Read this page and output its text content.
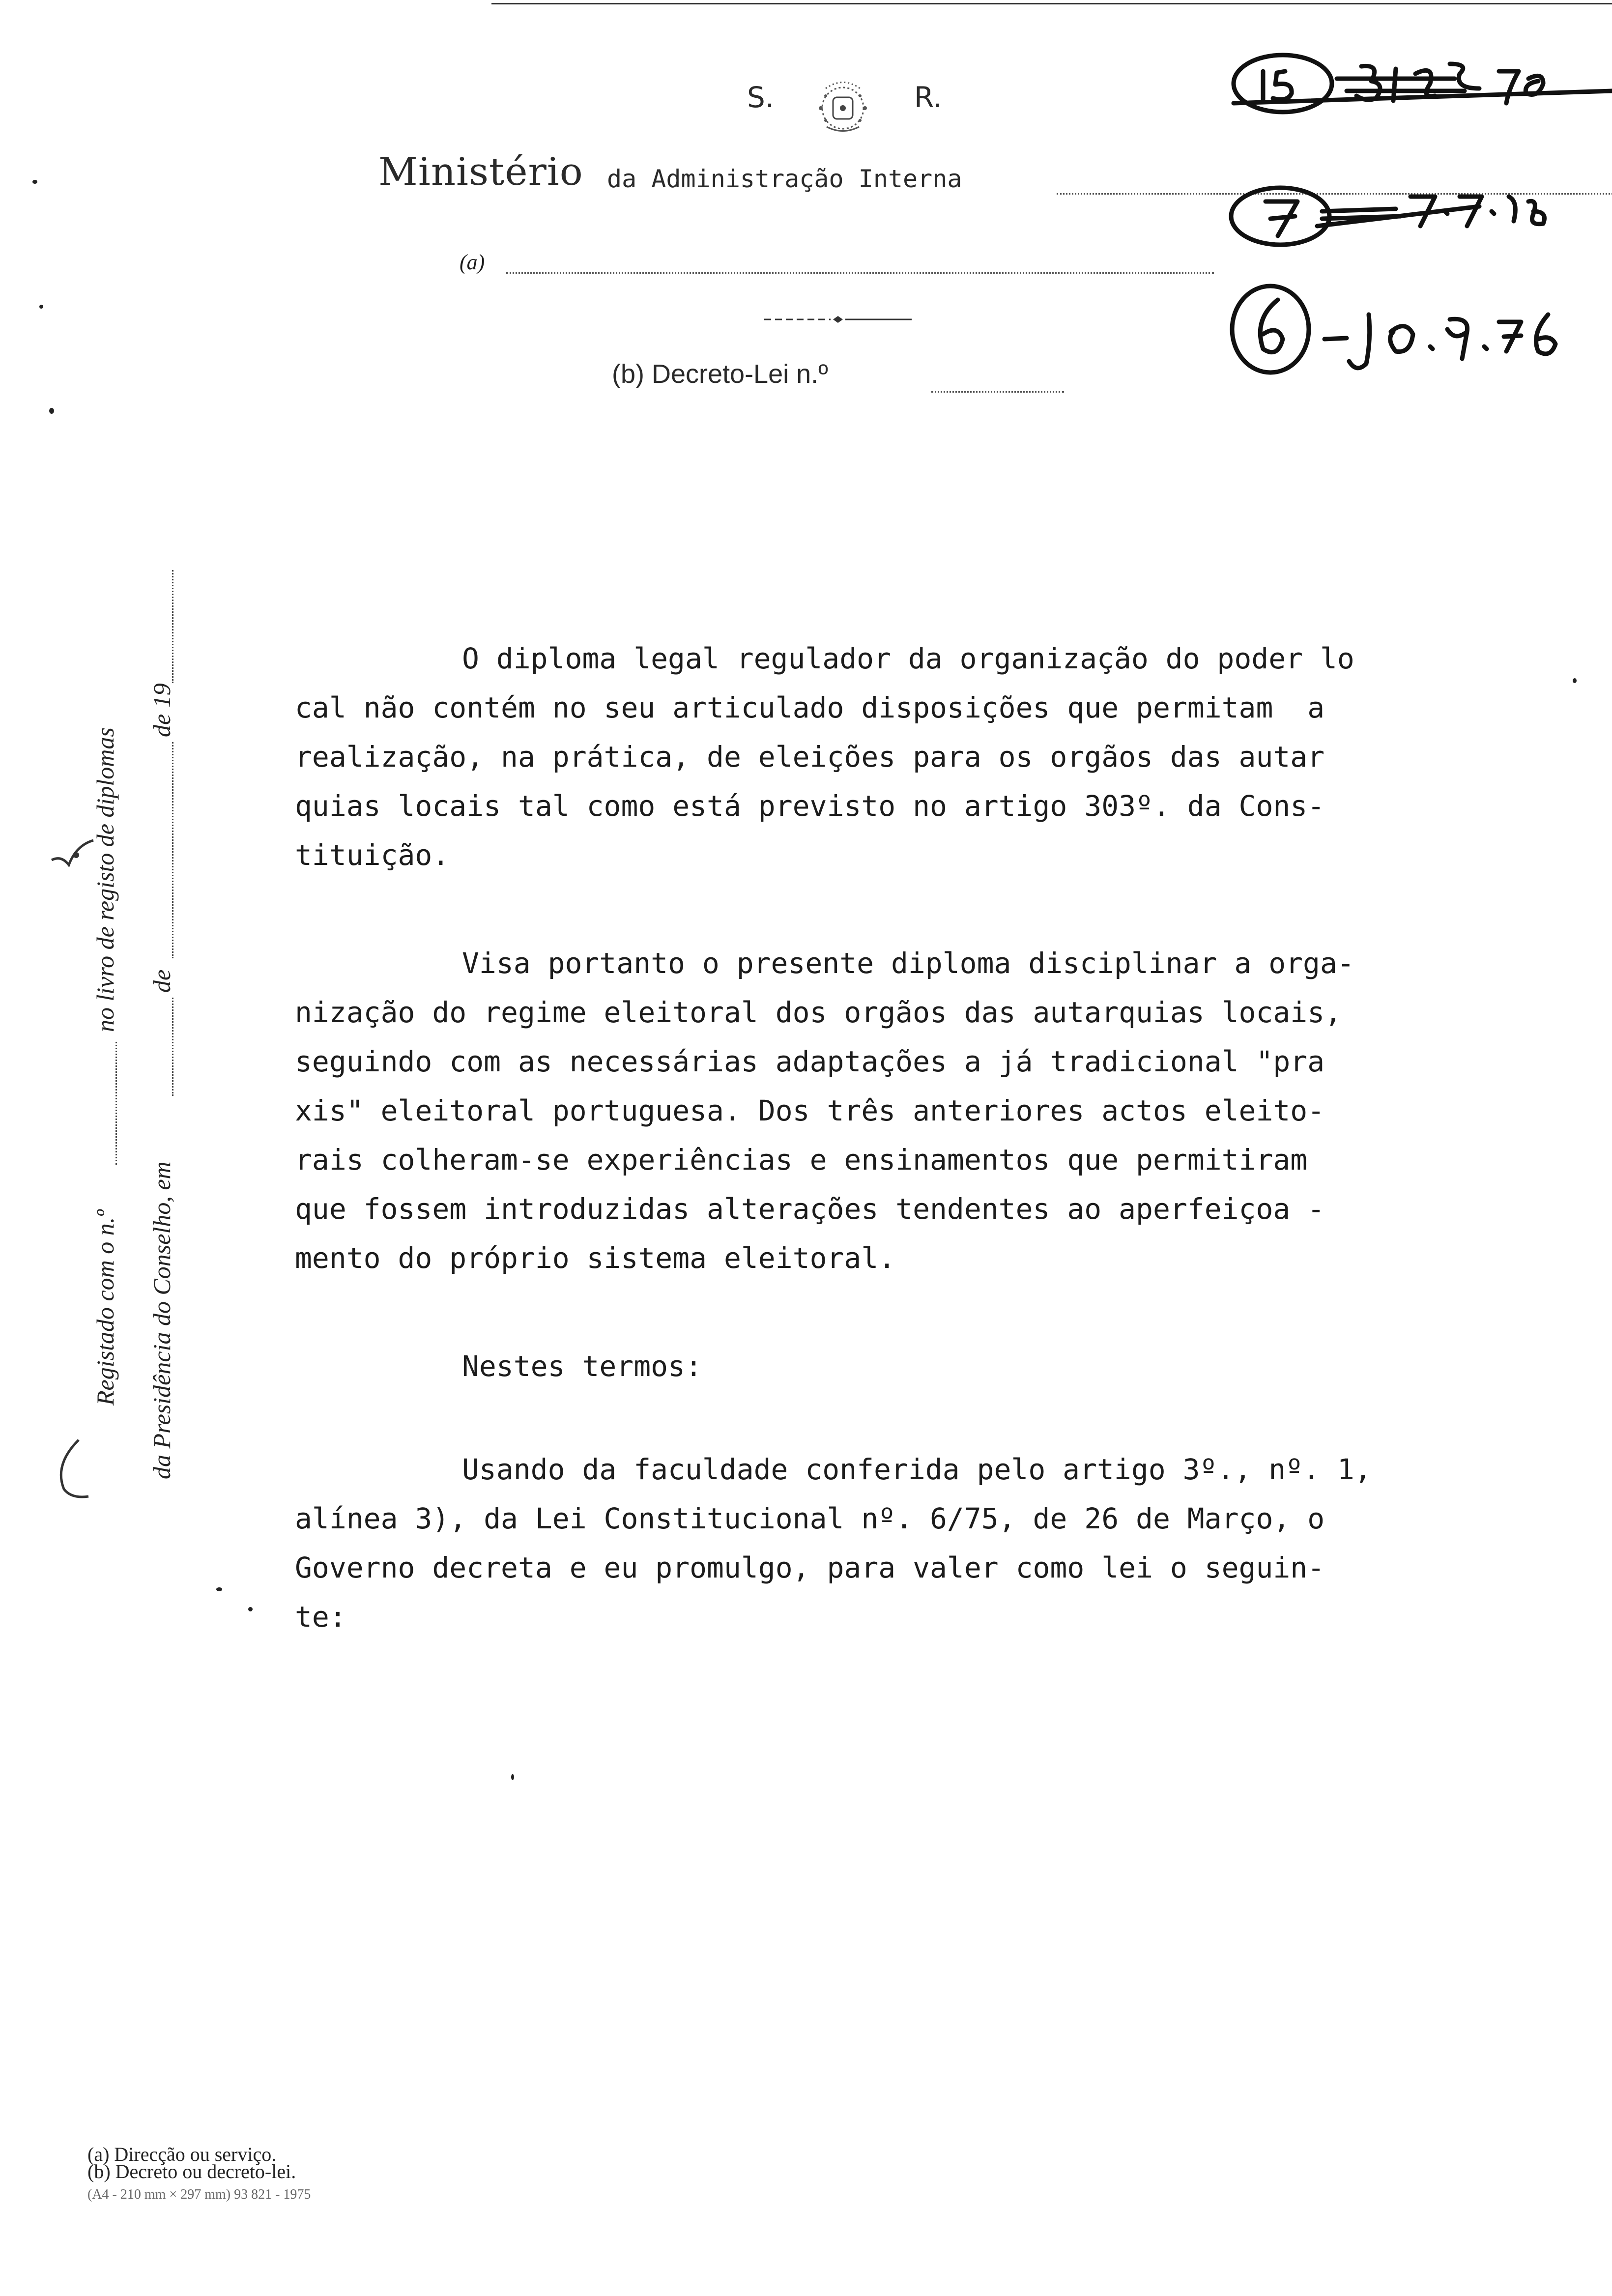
S.	R.
Ministério da Administração Interna
(a)
(b) Decreto-Lei n.º
Registado com o n.º
no livro de registo de diplomas
da Presidência do Conselho, em
de
de 19
O diploma legal regulador da organização do poder lo
cal não contém no seu articulado disposições que permitam  a
realização, na prática, de eleições para os orgãos das autar
quias locais tal como está previsto no artigo 303º. da Cons-
tituição.
Visa portanto o presente diploma disciplinar a orga-
nização do regime eleitoral dos orgãos das autarquias locais,
seguindo com as necessárias adaptações a já tradicional "pra
xis" eleitoral portuguesa. Dos três anteriores actos eleito-
rais colheram-se experiências e ensinamentos que permitiram
que fossem introduzidas alterações tendentes ao aperfeiçoa -
mento do próprio sistema eleitoral.
Nestes termos:
Usando da faculdade conferida pelo artigo 3º., nº. 1,
alínea 3), da Lei Constitucional nº. 6/75, de 26 de Março, o
Governo decreta e eu promulgo, para valer como lei o seguin-
te:
(a) Direcção ou serviço.
(b) Decreto ou decreto-lei.
(A4 - 210 mm × 297 mm) 93 821 - 1975
